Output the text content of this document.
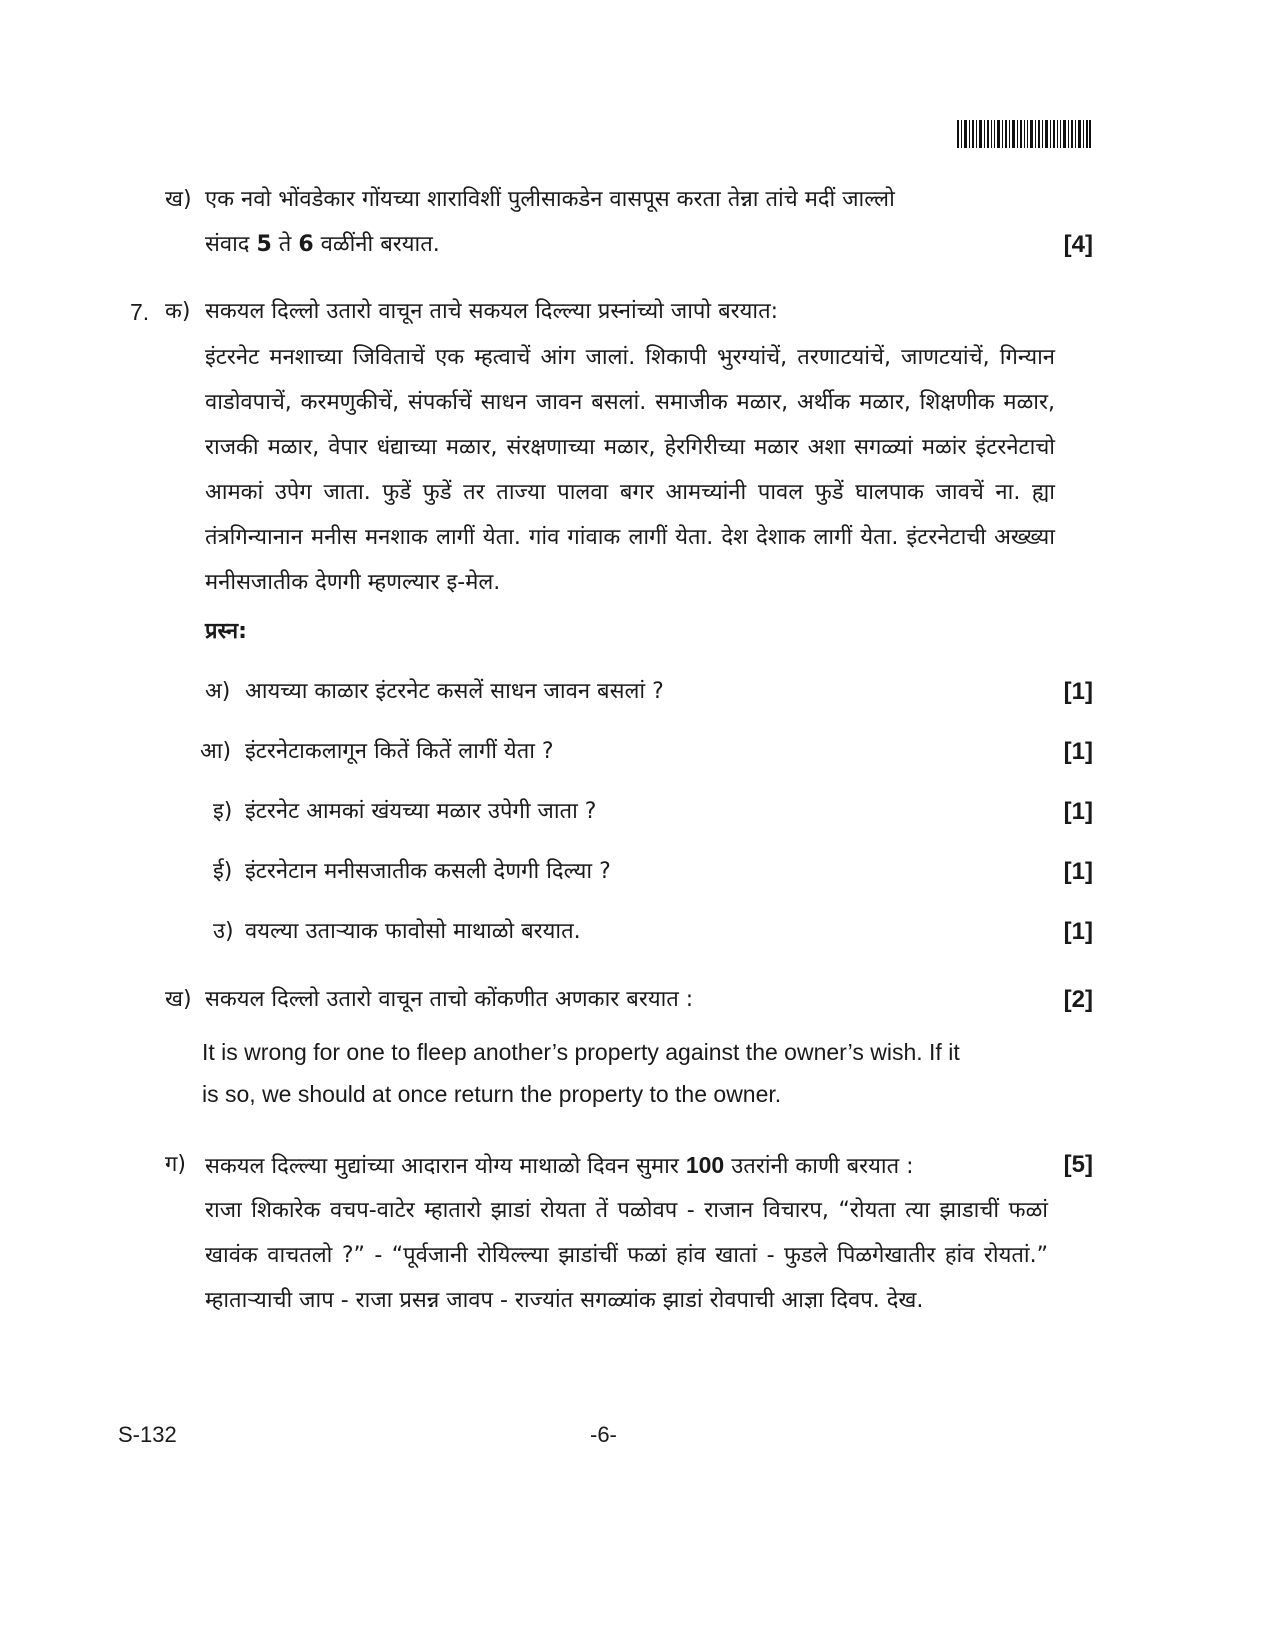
ख) एक नवो भोंवडेकार गोंयच्या शाराविशीं पुलीसाकडेन वासपूस करता तेन्ना तांचे मदीं जाल्लो
संवाद 5 ते 6 वळींनी बरयात.	[4]
7. क) सकयल दिल्लो उतारो वाचून ताचे सकयल दिल्ल्या प्रस्नांच्यो जापो बरयात:
इंटरनेट मनशाच्या जिविताचें एक म्हत्वाचें आंग जालां. शिकापी भुरग्यांचें, तरणाटयांचें, जाणटयांचें, गिन्यान वाडोवपाचें, करमणुकीचें, संपर्काचें साधन जावन बसलां. समाजीक मळार, अर्थीक मळार, शिक्षणीक मळार, राजकी मळार, वेपार धंद्याच्या मळार, संरक्षणाच्या मळार, हेरगिरीच्या मळार अशा सगळ्यां मळांर इंटरनेटाचो आमकां उपेग जाता. फुडें फुडें तर ताज्या पालवा बगर आमच्यांनी पावल फुडें घालपाक जावचें ना. ह्या तंत्रगिन्यानान मनीस मनशाक लागीं येता. गांव गांवाक लागीं येता. देश देशाक लागीं येता. इंटरनेटाची अख्ख्या मनीसजातीक देणगी म्हणल्यार इ-मेल.
प्रस्न:
अ) आयच्या काळार इंटरनेट कसलें साधन जावन बसलां ?	[1]
आ) इंटरनेटाकलागून कितें कितें लागीं येता ?	[1]
इ) इंटरनेट आमकां खंयच्या मळार उपेगी जाता ?	[1]
ई) इंटरनेटान मनीसजातीक कसली देणगी दिल्या ?	[1]
उ) वयल्या उताऱ्याक फावोसो माथाळो बरयात.	[1]
ख) सकयल दिल्लो उतारो वाचून ताचो कोंकणीत अणकार बरयात :	[2]
It is wrong for one to fleep another’s property against the owner’s wish. If it
is so, we should at once return the property to the owner.
ग) सकयल दिल्ल्या मुद्यांच्या आदारान योग्य माथाळो दिवन सुमार 100 उतरांनी काणी बरयात :	[5]
राजा शिकारेक वचप-वाटेर म्हातारो झाडां रोयता तें पळोवप - राजान विचारप, “रोयता त्या झाडाचीं फळां खावंक वाचतलो ?” - “पूर्वजानी रोयिल्ल्या झाडांचीं फळां हांव खातां - फुडले पिळगेखातीर हांव रोयतां.” म्हाताऱ्याची जाप - राजा प्रसन्न जावप - राज्यांत सगळ्यांक झाडां रोवपाची आज्ञा दिवप. देख.
S-132	-6-
